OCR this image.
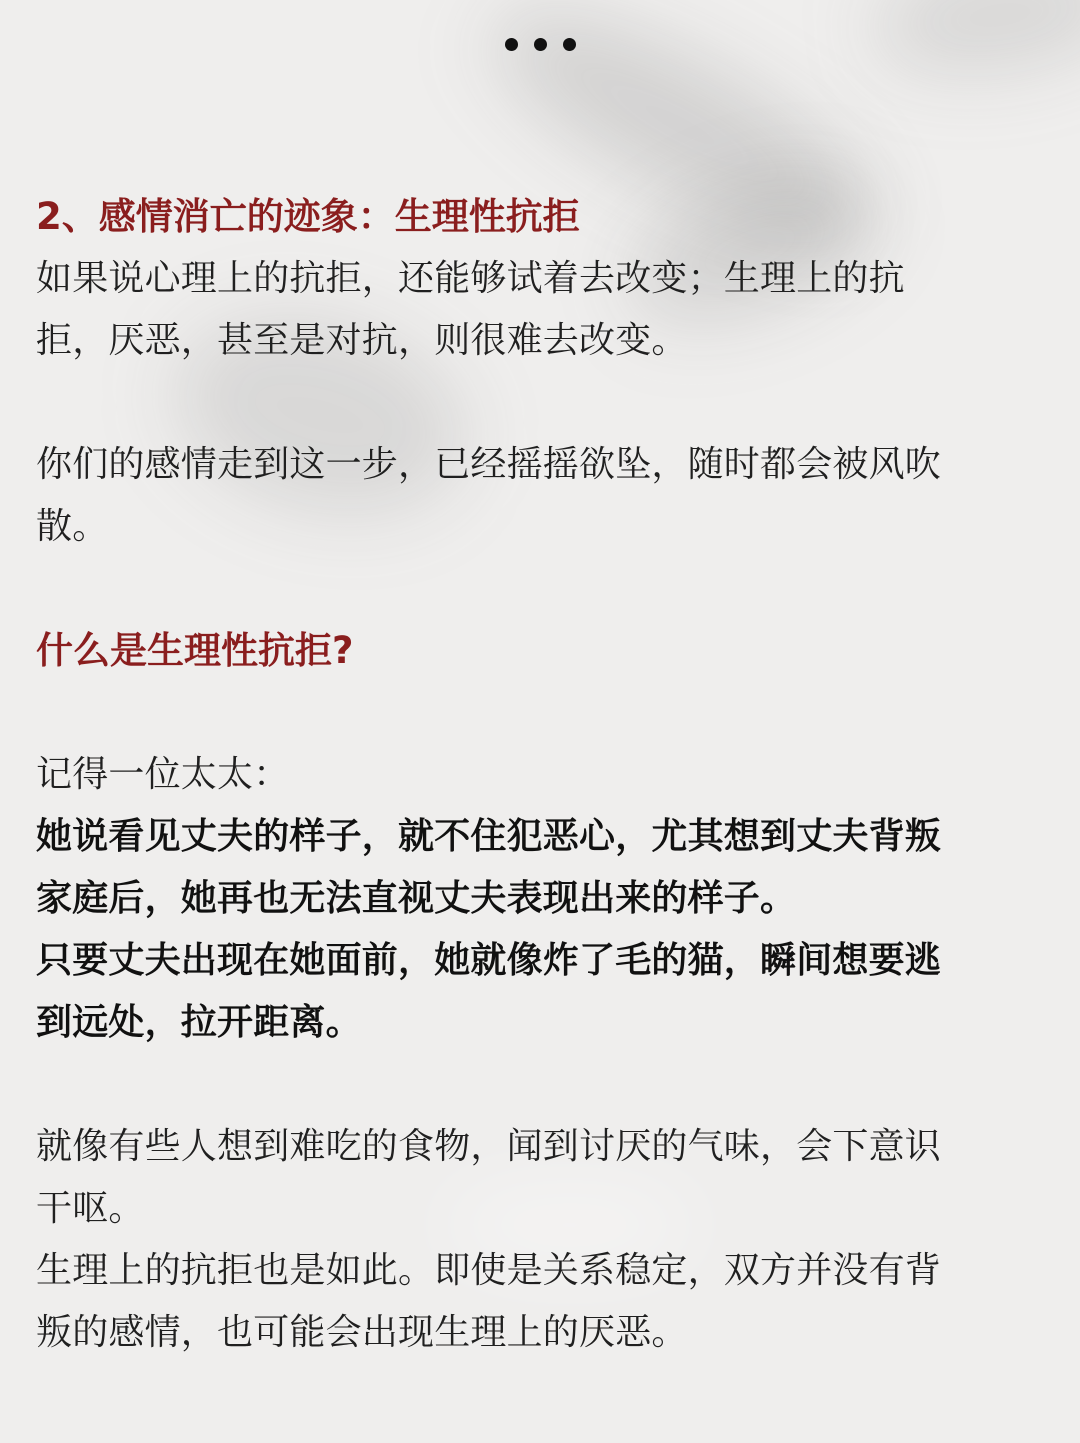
2、感情消亡的迹象：生理性抗拒

如果说心理上的抗拒，还能够试着去改变；生理上的抗

拒，厌恶，甚至是对抗，则很难去改变。

你们的感情走到这一步，已经摇摇欲坠，随时都会被风吹

散。

什么是生理性抗拒?

记得一位太太：

她说看见丈夫的样子，就不住犯恶心，尤其想到丈夫背叛

家庭后，她再也无法直视丈夫表现出来的样子。

只要丈夫出现在她面前，她就像炸了毛的猫，瞬间想要逃

到远处，拉开距离。

就像有些人想到难吃的食物，闻到讨厌的气味，会下意识

干呕。

生理上的抗拒也是如此。即使是关系稳定，双方并没有背

叛的感情，也可能会出现生理上的厌恶。
